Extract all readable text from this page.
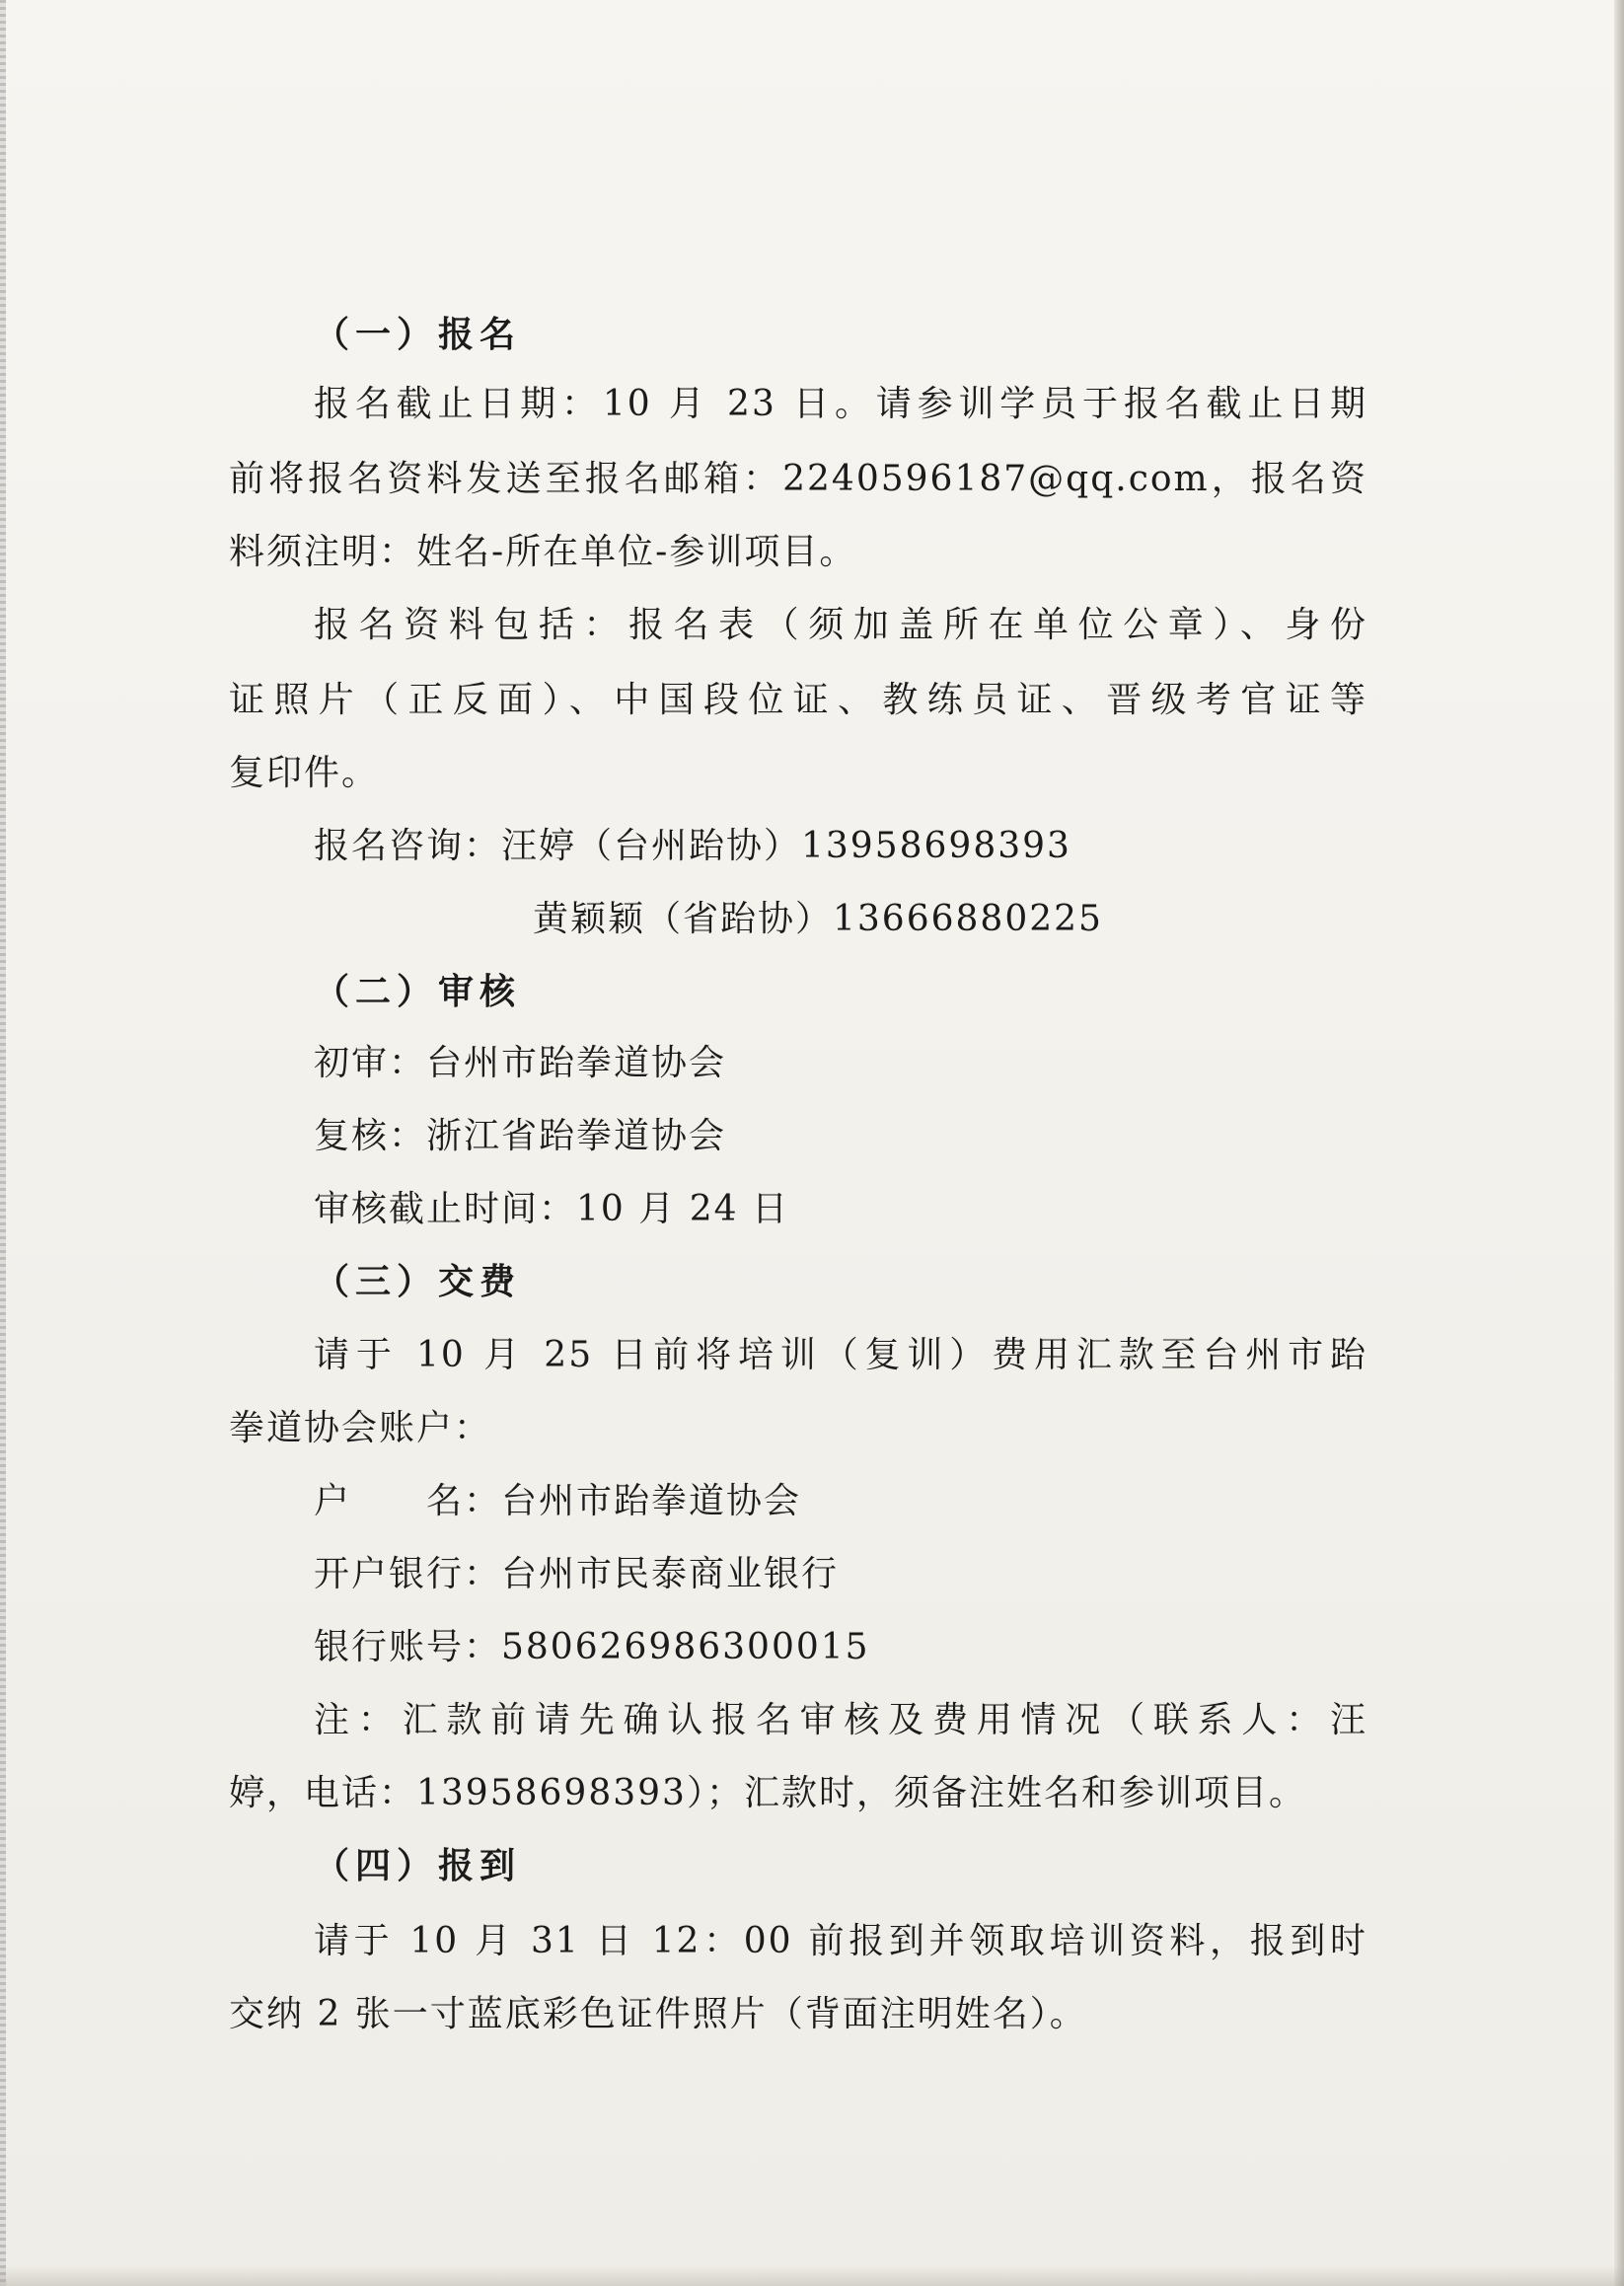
（一）报名
报名截止日期：10 月 23 日。请参训学员于报名截止日期
前将报名资料发送至报名邮箱：2240596187@qq.com，报名资
料须注明：姓名-所在单位-参训项目。
报名资料包括：报名表（须加盖所在单位公章）、身份
证照片（正反面）、中国段位证、教练员证、晋级考官证等
复印件。
报名咨询：汪婷（台州跆协）13958698393
黄颖颖（省跆协）13666880225
（二）审核
初审：台州市跆拳道协会
复核：浙江省跆拳道协会
审核截止时间：10 月 24 日
（三）交费
请于 10 月 25 日前将培训（复训）费用汇款至台州市跆
拳道协会账户：
户　　名：台州市跆拳道协会
开户银行：台州市民泰商业银行
银行账号：580626986300015
注：汇款前请先确认报名审核及费用情况（联系人：汪
婷，电话：13958698393）；汇款时，须备注姓名和参训项目。
（四）报到
请于 10 月 31 日 12：00 前报到并领取培训资料，报到时
交纳 2 张一寸蓝底彩色证件照片（背面注明姓名）。
